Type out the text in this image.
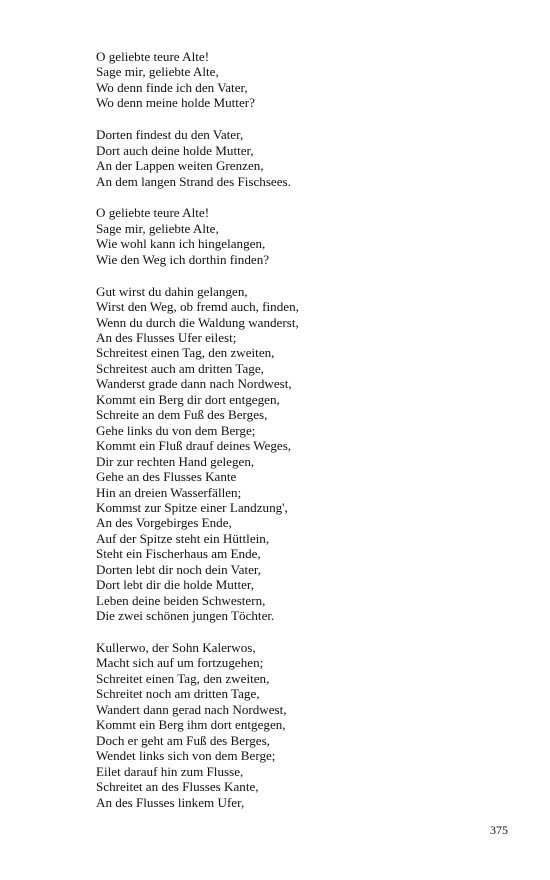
O geliebte teure Alte!
Sage mir, geliebte Alte,
Wo denn finde ich den Vater,
Wo denn meine holde Mutter?
Dorten findest du den Vater,
Dort auch deine holde Mutter,
An der Lappen weiten Grenzen,
An dem langen Strand des Fischsees.
O geliebte teure Alte!
Sage mir, geliebte Alte,
Wie wohl kann ich hingelangen,
Wie den Weg ich dorthin finden?
Gut wirst du dahin gelangen,
Wirst den Weg, ob fremd auch, finden,
Wenn du durch die Waldung wanderst,
An des Flusses Ufer eilest;
Schreitest einen Tag, den zweiten,
Schreitest auch am dritten Tage,
Wanderst grade dann nach Nordwest,
Kommt ein Berg dir dort entgegen,
Schreite an dem Fuß des Berges,
Gehe links du von dem Berge;
Kommt ein Fluß drauf deines Weges,
Dir zur rechten Hand gelegen,
Gehe an des Flusses Kante
Hin an dreien Wasserfällen;
Kommst zur Spitze einer Landzung',
An des Vorgebirges Ende,
Auf der Spitze steht ein Hüttlein,
Steht ein Fischerhaus am Ende,
Dorten lebt dir noch dein Vater,
Dort lebt dir die holde Mutter,
Leben deine beiden Schwestern,
Die zwei schönen jungen Töchter.
Kullerwo, der Sohn Kalerwos,
Macht sich auf um fortzugehen;
Schreitet einen Tag, den zweiten,
Schreitet noch am dritten Tage,
Wandert dann gerad nach Nordwest,
Kommt ein Berg ihm dort entgegen,
Doch er geht am Fuß des Berges,
Wendet links sich von dem Berge;
Eilet darauf hin zum Flusse,
Schreitet an des Flusses Kante,
An des Flusses linkem Ufer,
375
